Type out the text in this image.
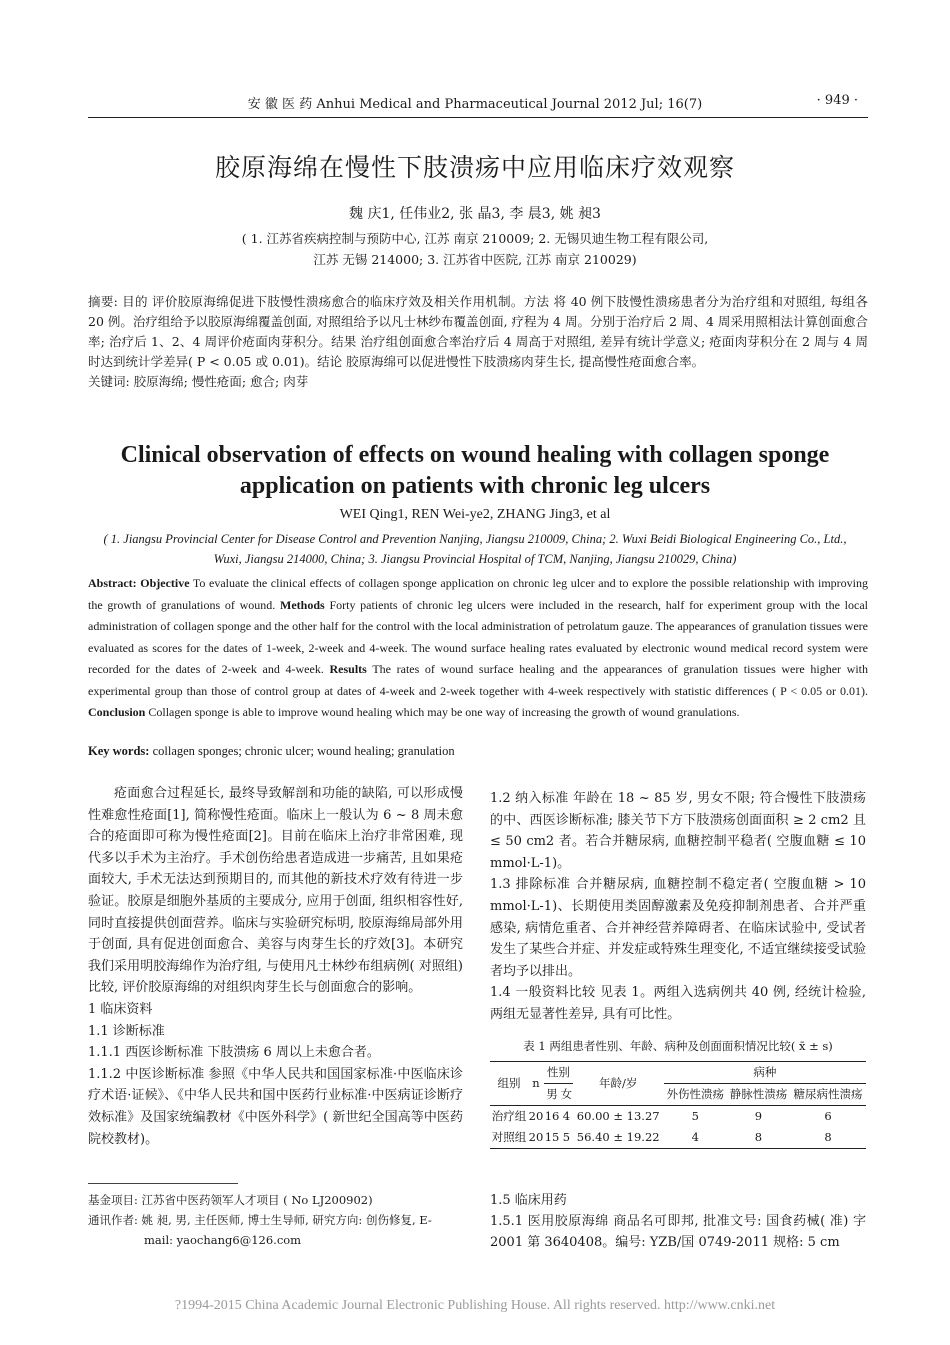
安 徽 医 药 Anhui Medical and Pharmaceutical Journal 2012 Jul; 16(7)	· 949 ·
胶原海绵在慢性下肢溃疡中应用临床疗效观察
魏 庆1, 任伟业2, 张 晶3, 李 晨3, 姚 昶3
( 1. 江苏省疾病控制与预防中心, 江苏 南京 210009; 2. 无锡贝迪生物工程有限公司,
江苏 无锡 214000; 3. 江苏省中医院, 江苏 南京 210029)
摘要: 目的 评价胶原海绵促进下肢慢性溃疡愈合的临床疗效及相关作用机制。方法 将 40 例下肢慢性溃疡患者分为治疗组和对照组, 每组各 20 例。治疗组给予以胶原海绵覆盖创面, 对照组给予以凡士林纱布覆盖创面, 疗程为 4 周。分别于治疗后 2 周、4 周采用照相法计算创面愈合率; 治疗后 1、2、4 周评价疮面肉芽积分。结果 治疗组创面愈合率治疗后 4 周高于对照组, 差异有统计学意义; 疮面肉芽积分在 2 周与 4 周时达到统计学差异( P < 0.05 或 0.01)。结论 胶原海绵可以促进慢性下肢溃疡肉芽生长, 提高慢性疮面愈合率。
关键词: 胶原海绵; 慢性疮面; 愈合; 肉芽
Clinical observation of effects on wound healing with collagen sponge application on patients with chronic leg ulcers
WEI Qing1, REN Wei-ye2, ZHANG Jing3, et al
( 1. Jiangsu Provincial Center for Disease Control and Prevention Nanjing, Jiangsu 210009, China; 2. Wuxi Beidi Biological Engineering Co., Ltd., Wuxi, Jiangsu 214000, China; 3. Jiangsu Provincial Hospital of TCM, Nanjing, Jiangsu 210029, China)
Abstract: Objective To evaluate the clinical effects of collagen sponge application on chronic leg ulcer and to explore the possible relationship with improving the growth of granulations of wound. Methods Forty patients of chronic leg ulcers were included in the research, half for experiment group with the local administration of collagen sponge and the other half for the control with the local administration of petrolatum gauze. The appearances of granulation tissues were evaluated as scores for the dates of 1-week, 2-week and 4-week. The wound surface healing rates evaluated by electronic wound medical record system were recorded for the dates of 2-week and 4-week. Results The rates of wound surface healing and the appearances of granulation tissues were higher with experimental group than those of control group at dates of 4-week and 2-week together with 4-week respectively with statistic differences ( P < 0.05 or 0.01). Conclusion Collagen sponge is able to improve wound healing which may be one way of increasing the growth of wound granulations.
Key words: collagen sponges; chronic ulcer; wound healing; granulation

疮面愈合过程延长, 最终导致解剖和功能的缺陷, 可以形成慢性难愈性疮面[1], 简称慢性疮面。临床上一般认为 6 ~ 8 周未愈合的疮面即可称为慢性疮面[2]。目前在临床上治疗非常困难, 现代多以手术为主治疗。手术创伤给患者造成进一步痛苦, 且如果疮面较大, 手术无法达到预期目的, 而其他的新技术疗效有待进一步验证。胶原是细胞外基质的主要成分, 应用于创面, 组织相容性好, 同时直接提供创面营养。临床与实验研究标明, 胶原海绵局部外用于创面, 具有促进创面愈合、美容与肉芽生长的疗效[3]。本研究我们采用明胶海绵作为治疗组, 与使用凡士林纱布组病例( 对照组) 比较, 评价胶原海绵的对组织肉芽生长与创面愈合的影响。

1 临床资料

1.1 诊断标准

1.1.1 西医诊断标准 下肢溃疡 6 周以上未愈合者。

1.1.2 中医诊断标准 参照《中华人民共和国国家标准·中医临床诊疗术语·证候》、《中华人民共和国中医药行业标准·中医病证诊断疗效标准》及国家统编教材《中医外科学》( 新世纪全国高等中医药院校教材)。

1.2 纳入标准 年龄在 18 ~ 85 岁, 男女不限; 符合慢性下肢溃疡的中、西医诊断标准; 膝关节下方下肢溃疡创面面积 ≥ 2 cm2 且 ≤ 50 cm2 者。若合并糖尿病, 血糖控制平稳者( 空腹血糖 ≤ 10 mmol·L-1)。

1.3 排除标准 合并糖尿病, 血糖控制不稳定者( 空腹血糖 > 10 mmol·L-1)、长期使用类固醇激素及免疫抑制剂患者、合并严重感染, 病情危重者、合并神经营养障碍者、在临床试验中, 受试者发生了某些合并症、并发症或特殊生理变化, 不适宜继续接受试验者均予以排出。

1.4 一般资料比较 见表 1。两组入选病例共 40 例, 经统计检验, 两组无显著性差异, 具有可比性。

表 1 两组患者性别、年龄、病种及创面面积情况比较( x̄ ± s)
组别	n	性别		年龄/岁	病种		
		男	女		外伤性溃疡	静脉性溃疡	糖尿病性溃疡
治疗组	20	16	4	60.00 ± 13.27	5	9	6
对照组	20	15	5	56.40 ± 19.22	4	8	8
基金项目: 江苏省中医药领军人才项目 ( No LJ200902)
通讯作者: 姚 昶, 男, 主任医师, 博士生导师, 研究方向: 创伤修复, E-
mail: yaochang6@126.com

1.5 临床用药

1.5.1 医用胶原海绵 商品名可即邦, 批准文号: 国食药械( 准) 字 2001 第 3640408。编号: YZB/国 0749-2011 规格: 5 cm

?1994-2015 China Academic Journal Electronic Publishing House. All rights reserved. http://www.cnki.net
